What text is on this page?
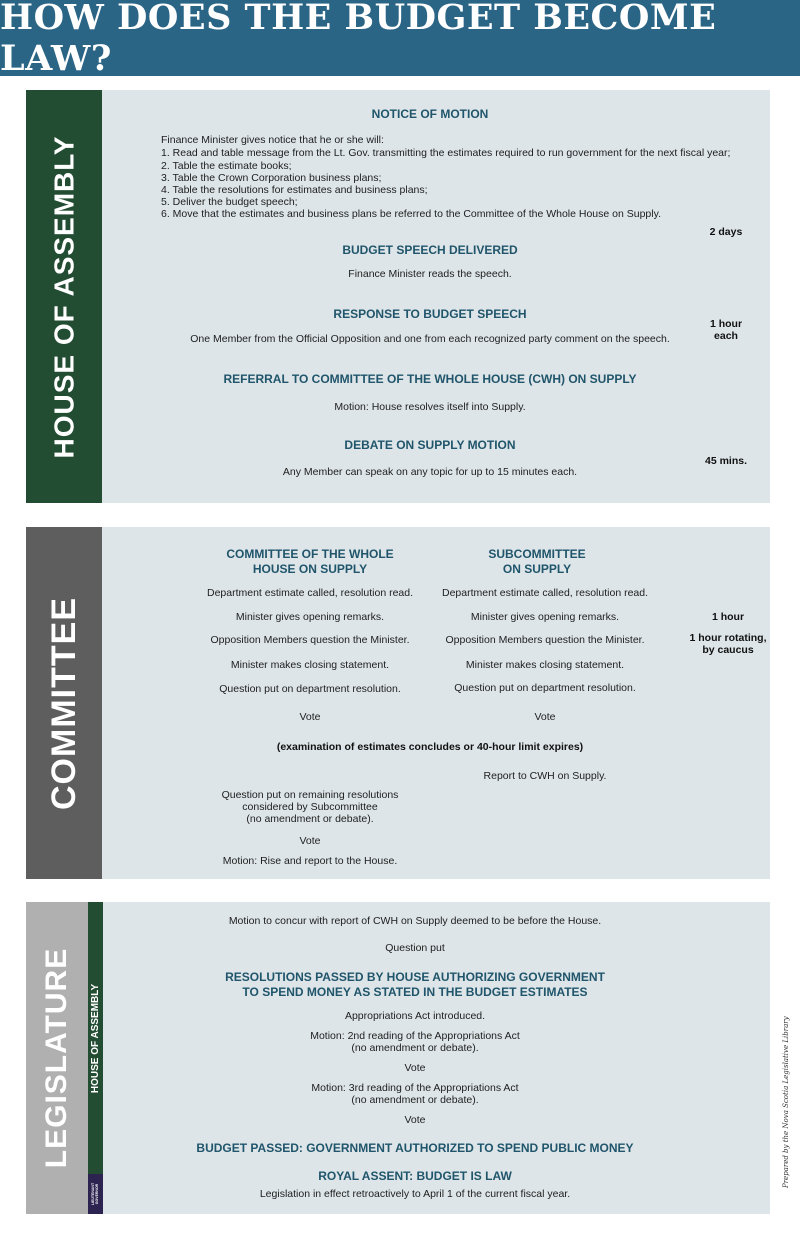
HOW DOES THE BUDGET BECOME LAW?
HOUSE OF ASSEMBLY
NOTICE OF MOTION
Finance Minister gives notice that he or she will:
1. Read and table message from the Lt. Gov. transmitting the estimates required to run government for the next fiscal year;
2. Table the estimate books;
3. Table the Crown Corporation business plans;
4. Table the resolutions for estimates and business plans;
5. Deliver the budget speech;
6. Move that the estimates and business plans be referred to the Committee of the Whole House on Supply.
2 days
BUDGET SPEECH DELIVERED
Finance Minister reads the speech.
RESPONSE TO BUDGET SPEECH
One Member from the Official Opposition and one from each recognized party comment on the speech.
1 hour
each
REFERRAL TO COMMITTEE OF THE WHOLE HOUSE (CWH) ON SUPPLY
Motion: House resolves itself into Supply.
DEBATE ON SUPPLY MOTION
Any Member can speak on any topic for up to 15 minutes each.
45 mins.
COMMITTEE
COMMITTEE OF THE WHOLE
HOUSE ON SUPPLY
SUBCOMMITTEE
ON SUPPLY
Department estimate called, resolution read.
Minister gives opening remarks.
Opposition Members question the Minister.
Minister makes closing statement.
Question put on department resolution.
Vote
Department estimate called, resolution read.
Minister gives opening remarks.
Opposition Members question the Minister.
Minister makes closing statement.
Question put on department resolution.
Vote
1 hour
1 hour rotating,
by caucus
(examination of estimates concludes or 40-hour limit expires)
Report to CWH on Supply.
Question put on remaining resolutions
considered by Subcommittee
(no amendment or debate).
Vote
Motion: Rise and report to the House.
LEGISLATURE HOUSE OF ASSEMBLY
LIEUTENANT GOVERNOR
Motion to concur with report of CWH on Supply deemed to be before the House.
Question put
RESOLUTIONS PASSED BY HOUSE AUTHORIZING GOVERNMENT
TO SPEND MONEY AS STATED IN THE BUDGET ESTIMATES
Appropriations Act introduced.
Motion: 2nd reading of the Appropriations Act
(no amendment or debate).
Vote
Motion: 3rd reading of the Appropriations Act
(no amendment or debate).
Vote
BUDGET PASSED: GOVERNMENT AUTHORIZED TO SPEND PUBLIC MONEY
ROYAL ASSENT: BUDGET IS LAW
Legislation in effect retroactively to April 1 of the current fiscal year.
Prepared by the Nova Scotia Legislative Library
